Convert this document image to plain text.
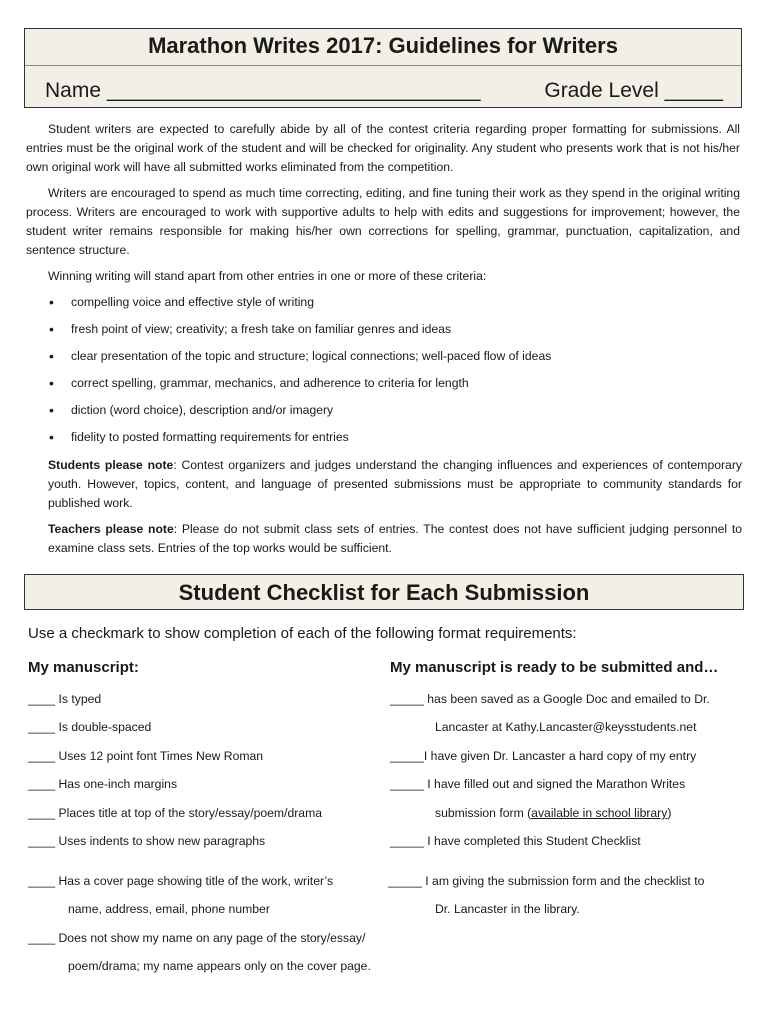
Marathon Writes 2017: Guidelines for Writers
Name ________________________________	Grade Level _____
Student writers are expected to carefully abide by all of the contest criteria regarding proper formatting for submissions. All entries must be the original work of the student and will be checked for originality. Any student who presents work that is not his/her own original work will have all submitted works eliminated from the competition.
Writers are encouraged to spend as much time correcting, editing, and fine tuning their work as they spend in the original writing process. Writers are encouraged to work with supportive adults to help with edits and suggestions for improvement; however, the student writer remains responsible for making his/her own corrections for spelling, grammar, punctuation, capitalization, and sentence structure.
Winning writing will stand apart from other entries in one or more of these criteria:
• compelling voice and effective style of writing
• fresh point of view; creativity; a fresh take on familiar genres and ideas
• clear presentation of the topic and structure; logical connections; well-paced flow of ideas
• correct spelling, grammar, mechanics, and adherence to criteria for length
• diction (word choice), description and/or imagery
• fidelity to posted formatting requirements for entries
Students please note: Contest organizers and judges understand the changing influences and experiences of contemporary youth. However, topics, content, and language of presented submissions must be appropriate to community standards for published work.
Teachers please note: Please do not submit class sets of entries. The contest does not have sufficient judging personnel to examine class sets. Entries of the top works would be sufficient.
Student Checklist for Each Submission
Use a checkmark to show completion of each of the following format requirements:
My manuscript:	My manuscript is ready to be submitted and…
____ Is typed
____ Is double-spaced
____ Uses 12 point font Times New Roman
____ Has one-inch margins
____ Places title at top of the story/essay/poem/drama
____ Uses indents to show new paragraphs
____ Has a cover page showing title of the work, writer’s
name, address, email, phone number
____ Does not show my name on any page of the story/essay/
poem/drama; my name appears only on the cover page.
_____ has been saved as a Google Doc and emailed to Dr.
Lancaster at Kathy.Lancaster@keysstudents.net
_____I have given Dr. Lancaster a hard copy of my entry
_____ I have filled out and signed the Marathon Writes
submission form (available in school library)
_____ I have completed this Student Checklist
_____ I am giving the submission form and the checklist to
Dr. Lancaster in the library.
